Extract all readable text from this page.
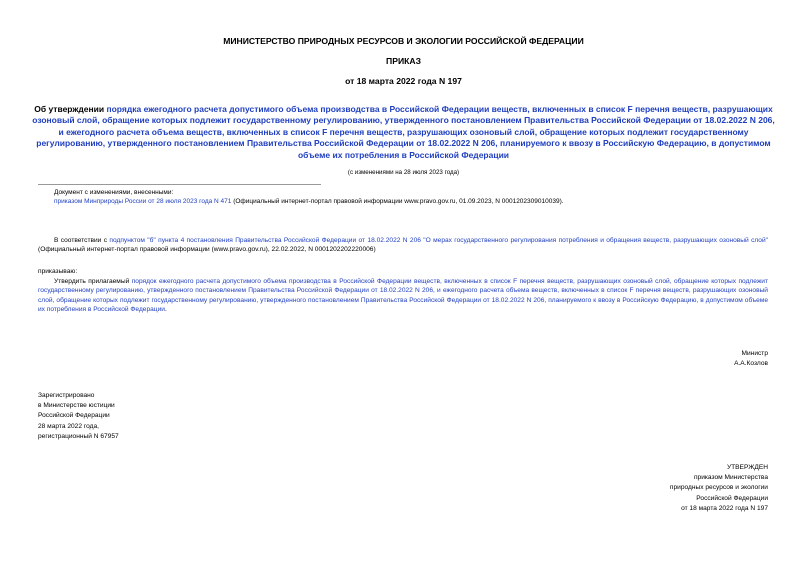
МИНИСТЕРСТВО ПРИРОДНЫХ РЕСУРСОВ И ЭКОЛОГИИ РОССИЙСКОЙ ФЕДЕРАЦИИ
ПРИКАЗ
от 18 марта 2022 года N 197
Об утверждении порядка ежегодного расчета допустимого объема производства в Российской Федерации веществ, включенных в список F перечня веществ, разрушающих озоновый слой, обращение которых подлежит государственному регулированию, утвержденного постановлением Правительства Российской Федерации от 18.02.2022 N 206, и ежегодного расчета объема веществ, включенных в список F перечня веществ, разрушающих озоновый слой, обращение которых подлежит государственному регулированию, утвержденного постановлением Правительства Российской Федерации от 18.02.2022 N 206, планируемого к ввозу в Российскую Федерацию, в допустимом объеме их потребления в Российской Федерации
(с изменениями на 28 июля 2023 года)
Документ с изменениями, внесенными:
приказом Минприроды России от 28 июля 2023 года N 471 (Официальный интернет-портал правовой информации www.pravo.gov.ru, 01.09.2023, N 0001202309010039).
В соответствии с подпунктом "б" пункта 4 постановления Правительства Российской Федерации от 18.02.2022 N 206 "О мерах государственного регулирования потребления и обращения веществ, разрушающих озоновый слой" (Официальный интернет-портал правовой информации (www.pravo.gov.ru), 22.02.2022, N 0001202202220006)
приказываю:
Утвердить прилагаемый порядок ежегодного расчета допустимого объема производства в Российской Федерации веществ, включенных в список F перечня веществ, разрушающих озоновый слой, обращение которых подлежит государственному регулированию, утвержденного постановлением Правительства Российской Федерации от 18.02.2022 N 206, и ежегодного расчета объема веществ, включенных в список F перечня веществ, разрушающих озоновый слой, обращение которых подлежит государственному регулированию, утвержденного постановлением Правительства Российской Федерации от 18.02.2022 N 206, планируемого к ввозу в Российскую Федерацию, в допустимом объеме их потребления в Российской Федерации.
Министр
А.А.Козлов
Зарегистрировано
в Министерстве юстиции
Российской Федерации
28 марта 2022 года,
регистрационный N 67957
УТВЕРЖДЕН
приказом Министерства
природных ресурсов и экологии
Российской Федерации
от 18 марта 2022 года N 197
